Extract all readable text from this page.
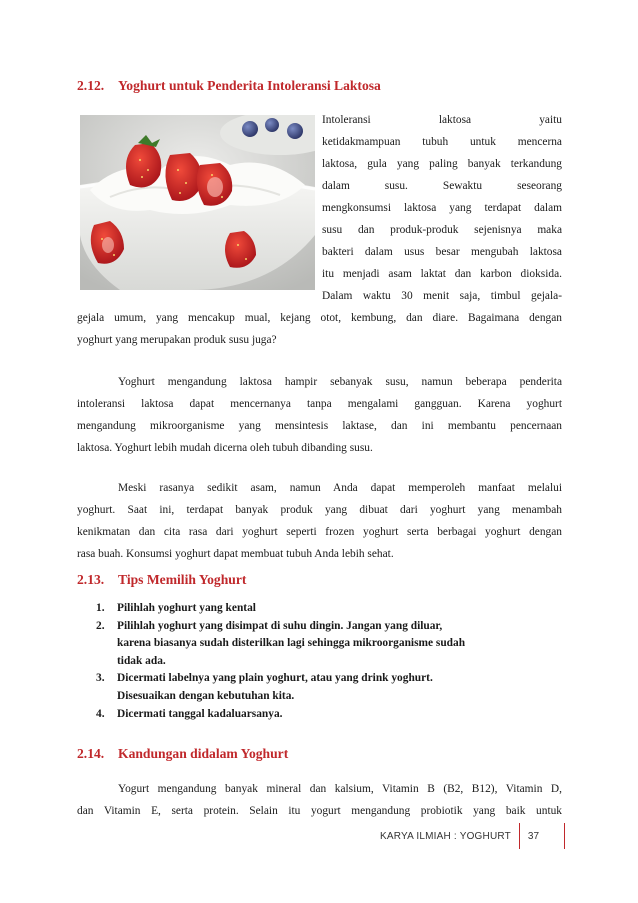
2.12. Yoghurt untuk Penderita Intoleransi Laktosa
Intoleransi laktosa yaitu
ketidakmampuan tubuh untuk mencerna
laktosa, gula yang paling banyak terkandung
dalam susu. Sewaktu seseorang
mengkonsumsi laktosa yang terdapat dalam
susu dan produk-produk sejenisnya maka
bakteri dalam usus besar mengubah laktosa
itu menjadi asam laktat dan karbon dioksida.
Dalam waktu 30 menit saja, timbul gejala-
gejala umum, yang mencakup mual, kejang otot, kembung, dan diare. Bagaimana dengan
yoghurt yang merupakan produk susu juga?
Yoghurt mengandung laktosa hampir sebanyak susu, namun beberapa penderita
intoleransi laktosa dapat mencernanya tanpa mengalami gangguan. Karena yoghurt
mengandung mikroorganisme yang mensintesis laktase, dan ini membantu pencernaan
laktosa. Yoghurt lebih mudah dicerna oleh tubuh dibanding susu.
Meski rasanya sedikit asam, namun Anda dapat memperoleh manfaat melalui
yoghurt. Saat ini, terdapat banyak produk yang dibuat dari yoghurt yang menambah
kenikmatan dan cita rasa dari yoghurt seperti frozen yoghurt serta berbagai yoghurt dengan
rasa buah. Konsumsi yoghurt dapat membuat tubuh Anda lebih sehat.
2.13. Tips Memilih Yoghurt
1. Pilihlah yoghurt yang kental
2. Pilihlah yoghurt yang disimpat di suhu dingin. Jangan yang diluar,
karena biasanya sudah disterilkan lagi sehingga mikroorganisme sudah
tidak ada.
3. Dicermati labelnya yang plain yoghurt, atau yang drink yoghurt.
Disesuaikan dengan kebutuhan kita.
4. Dicermati tanggal kadaluarsanya.
2.14. Kandungan didalam Yoghurt
Yogurt mengandung banyak mineral dan kalsium, Vitamin B (B2, B12), Vitamin D,
dan Vitamin E, serta protein. Selain itu yogurt mengandung probiotik yang baik untuk
KARYA ILMIAH : YOGHURT	37
